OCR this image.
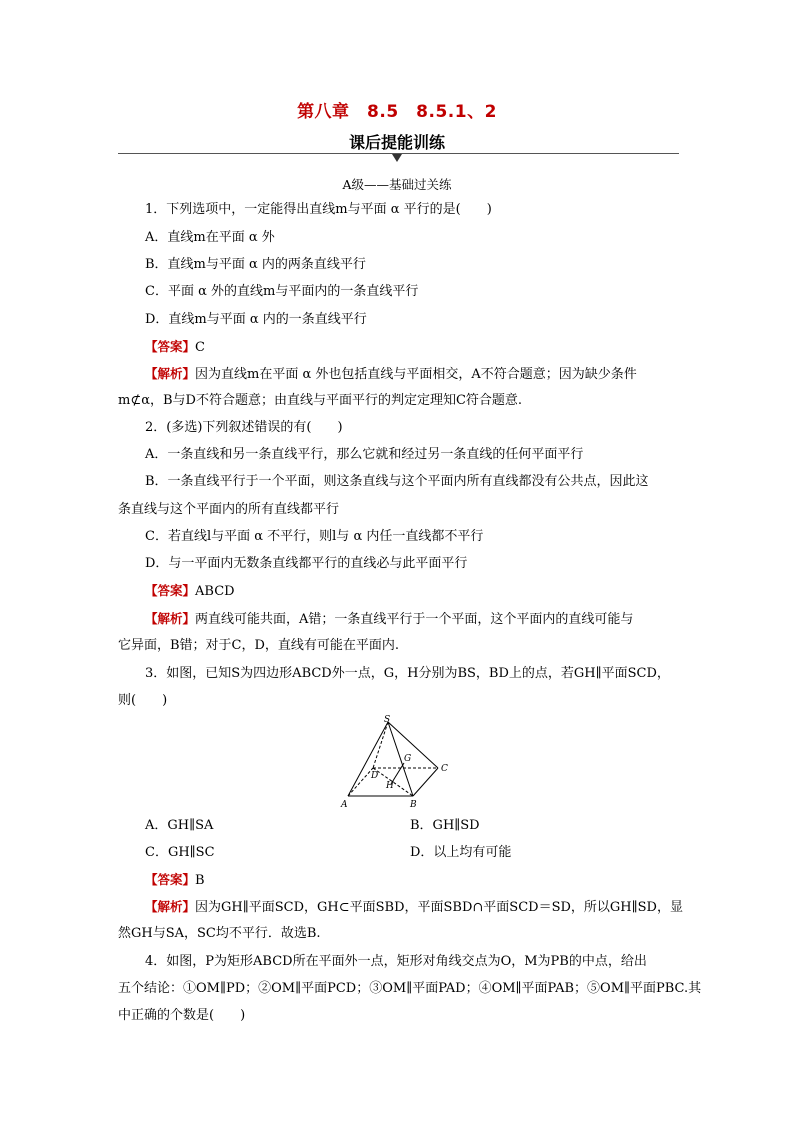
第八章　8.5　8.5.1、2
课后提能训练
A级——基础过关练
1．下列选项中，一定能得出直线m与平面 α 平行的是(　　)
A．直线m在平面 α 外
B．直线m与平面 α 内的两条直线平行
C．平面 α 外的直线m与平面内的一条直线平行
D．直线m与平面 α 内的一条直线平行
【答案】C
【解析】因为直线m在平面 α 外也包括直线与平面相交，A不符合题意；因为缺少条件
m⊄α，B与D不符合题意；由直线与平面平行的判定定理知C符合题意.
2．(多选)下列叙述错误的有(　　)
A．一条直线和另一条直线平行，那么它就和经过另一条直线的任何平面平行
B．一条直线平行于一个平面，则这条直线与这个平面内所有直线都没有公共点，因此这
条直线与这个平面内的所有直线都平行
C．若直线l与平面 α 不平行，则l与 α 内任一直线都不平行
D．与一平面内无数条直线都平行的直线必与此平面平行
【答案】ABCD
【解析】两直线可能共面，A错；一条直线平行于一个平面，这个平面内的直线可能与
它异面，B错；对于C，D，直线有可能在平面内.
3．如图，已知S为四边形ABCD外一点，G，H分别为BS，BD上的点，若GH∥平面SCD，
则(　　)
S
A	B
C
D
G
H
A．GH∥SA	B．GH∥SD
C．GH∥SC	D．以上均有可能
【答案】B
【解析】因为GH∥平面SCD，GH⊂平面SBD，平面SBD∩平面SCD＝SD，所以GH∥SD，显
然GH与SA，SC均不平行．故选B.
4．如图，P为矩形ABCD所在平面外一点，矩形对角线交点为O，M为PB的中点，给出
五个结论：①OM∥PD；②OM∥平面PCD；③OM∥平面PAD；④OM∥平面PAB；⑤OM∥平面PBC.其
中正确的个数是(　　)
